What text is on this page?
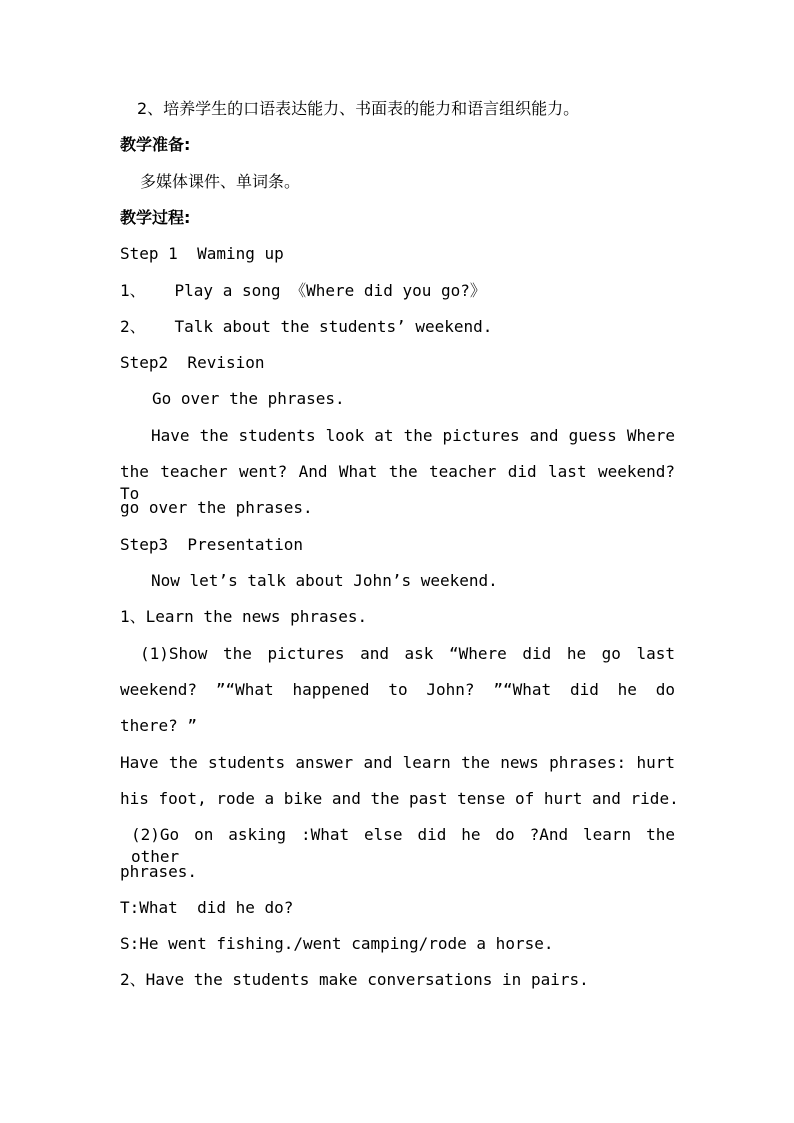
2、培养学生的口语表达能力、书面表的能力和语言组织能力。
教学准备:
多媒体课件、单词条。
教学过程:
Step 1  Waming up
1、   Play a song 《Where did you go?》
2、   Talk about the students’ weekend.
Step2  Revision
Go over the phrases.
Have the students look at the pictures and guess Where
the teacher went? And What the teacher did last weekend? To
go over the phrases.
Step3  Presentation
Now let’s talk about John’s weekend.
1、Learn the news phrases.
(1)Show the pictures and ask “Where did he go last
weekend? ”“What happened to John? ”“What did he do
there? ”
Have the students answer and learn the news phrases: hurt
his foot, rode a bike and the past tense of hurt and ride.
(2)Go on asking :What else did he do ?And learn the other
phrases.
T:What  did he do?
S:He went fishing./went camping/rode a horse.
2、Have the students make conversations in pairs.
